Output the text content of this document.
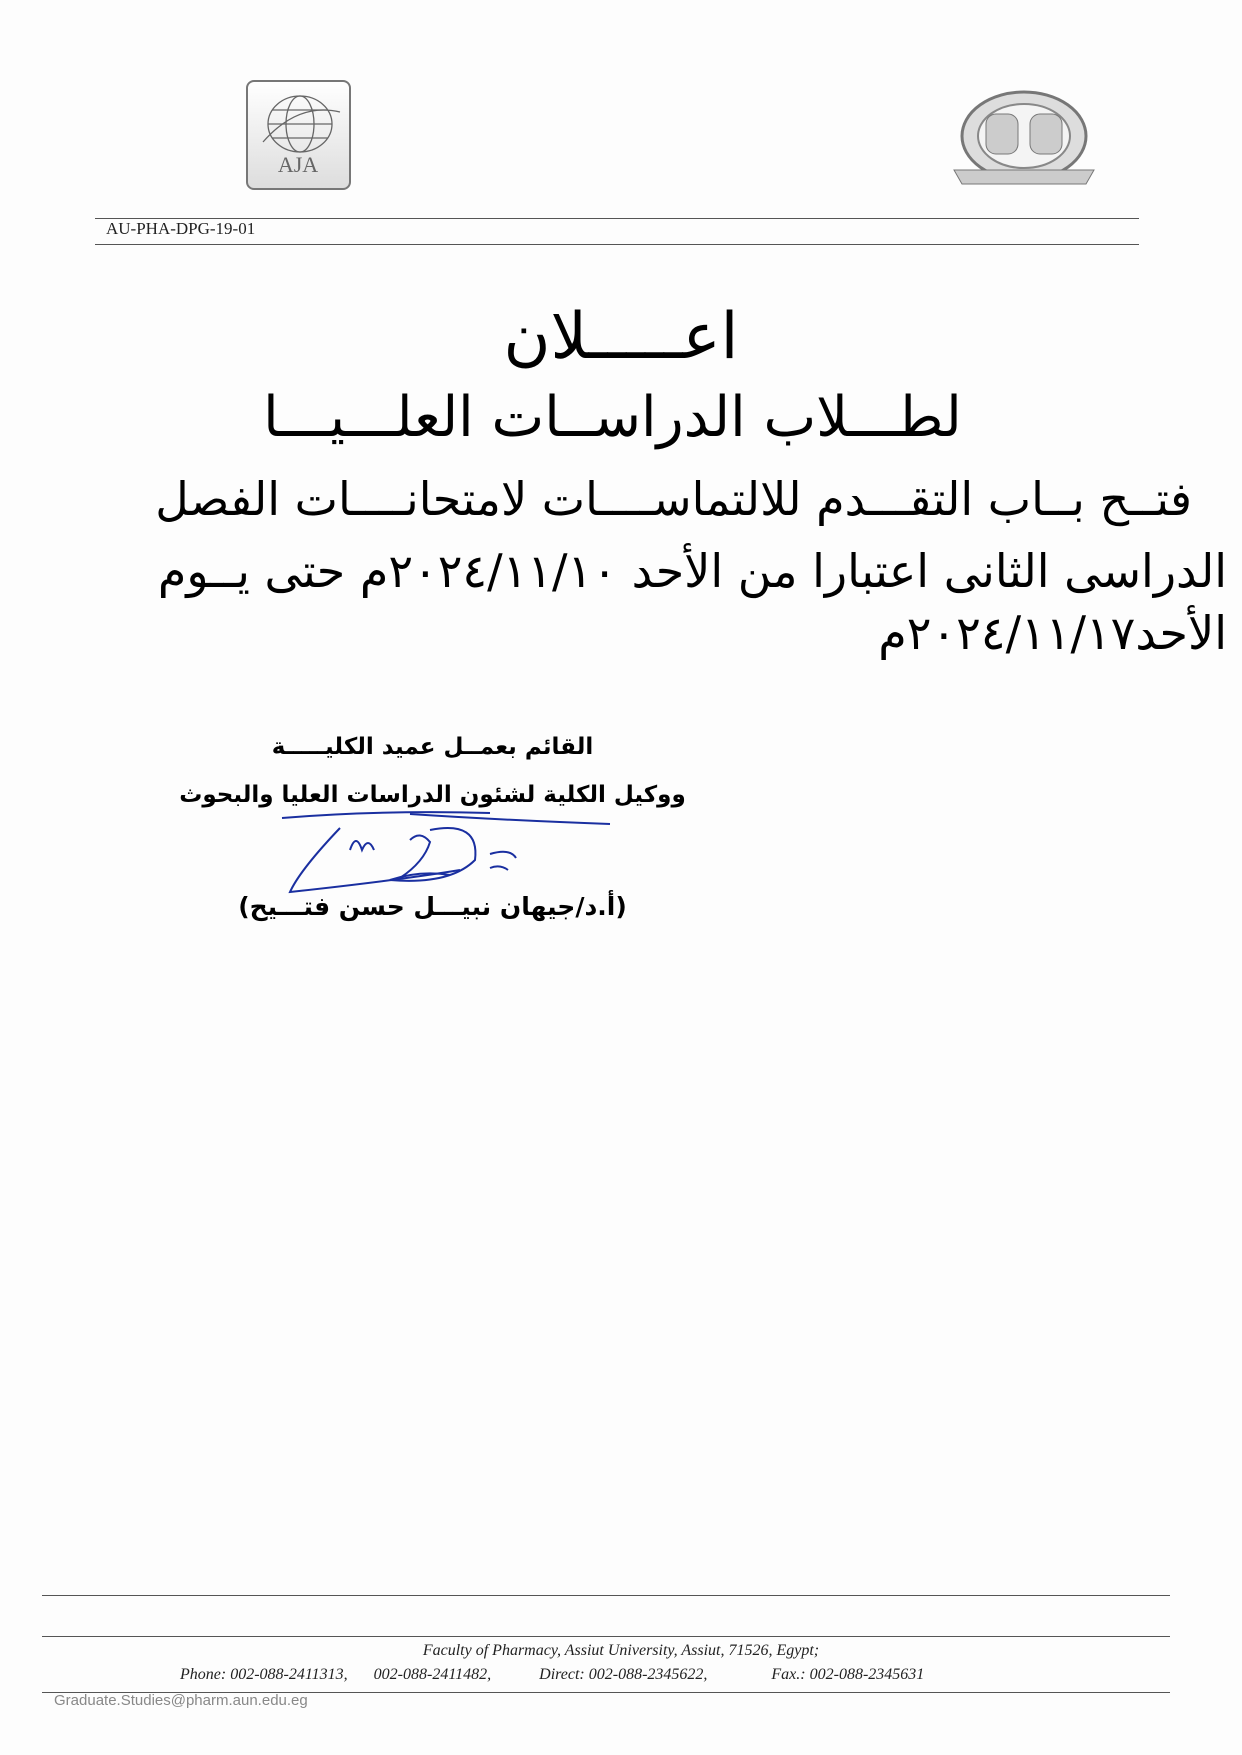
AJA
AU-PHA-DPG-19-01
اعـــــلان
لطـــلاب الدراســات العلـــيـــا
فتــح بــاب التقـــدم للالتماســــات لامتحانــــات الفصل
الدراسى الثانى اعتبارا من الأحد ٢٠٢٤/١١/١٠م حتى يــوم
الأحد٢٠٢٤/١١/١٧م
القائم بعمــل عميد الكليـــــة
ووكيل الكلية لشئون الدراسات العليا والبحوث
(أ.د/جيهان نبيـــل حسن فتـــيح)
Faculty of Pharmacy, Assiut University, Assiut, 71526, Egypt;
Phone: 002-088-2411313, 002-088-2411482,	Direct: 002-088-2345622,	Fax.: 002-088-2345631
Graduate.Studies@pharm.aun.edu.eg
